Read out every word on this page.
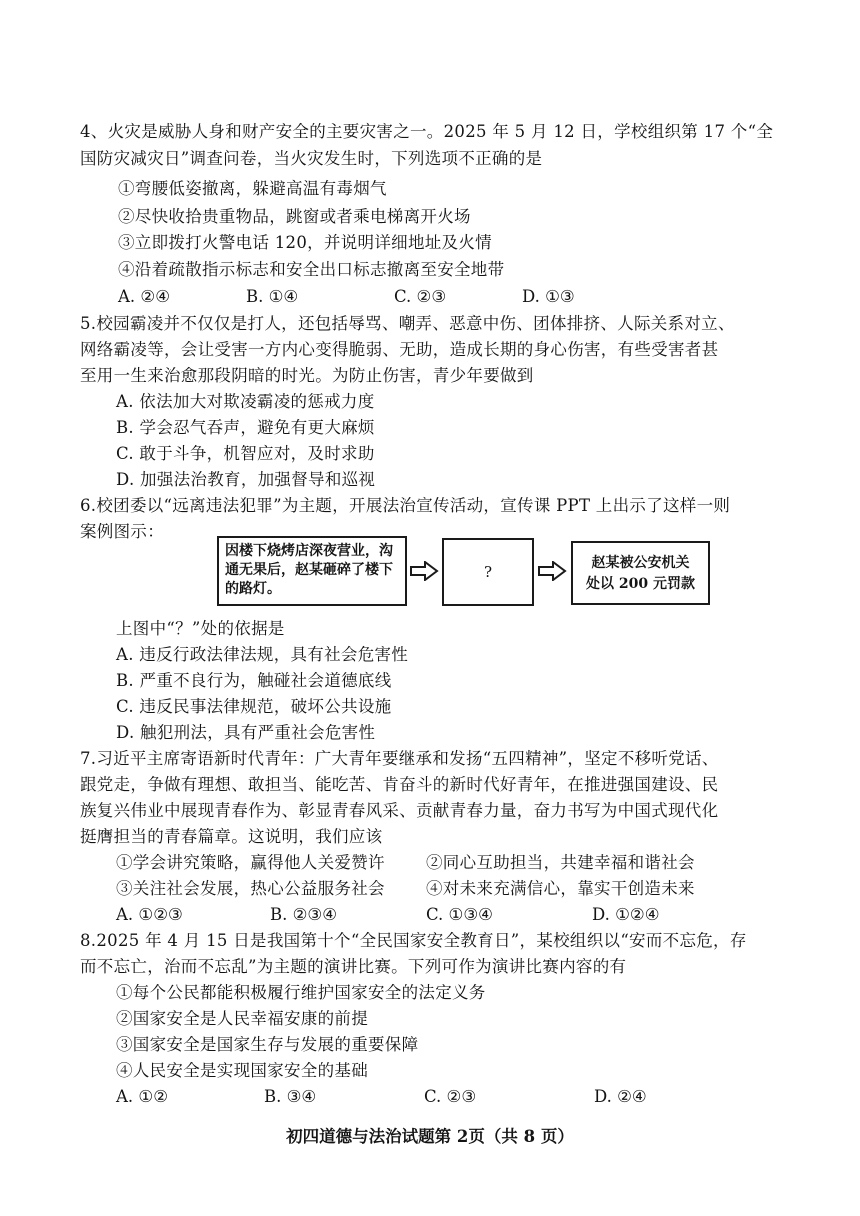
4、火灾是威胁人身和财产安全的主要灾害之一。2025 年 5 月 12 日，学校组织第 17 个“全
国防灾减灾日”调查问卷，当火灾发生时，下列选项不正确的是
①弯腰低姿撤离，躲避高温有毒烟气
②尽快收拾贵重物品，跳窗或者乘电梯离开火场
③立即拨打火警电话 120，并说明详细地址及火情
④沿着疏散指示标志和安全出口标志撤离至安全地带
A. ②④	B. ①④	C. ②③	D. ①③
5.校园霸凌并不仅仅是打人，还包括辱骂、嘲弄、恶意中伤、团体排挤、人际关系对立、
网络霸凌等，会让受害一方内心变得脆弱、无助，造成长期的身心伤害，有些受害者甚
至用一生来治愈那段阴暗的时光。为防止伤害，青少年要做到
A. 依法加大对欺凌霸凌的惩戒力度
B. 学会忍气吞声，避免有更大麻烦
C. 敢于斗争，机智应对，及时求助
D. 加强法治教育，加强督导和巡视
6.校团委以“远离违法犯罪”为主题，开展法治宣传活动，宣传课 PPT 上出示了这样一则
案例图示：
因楼下烧烤店深夜营业，沟通无果后，赵某砸碎了楼下的路灯。
?	赵某被公安机关处以 200 元罚款
上图中“？”处的依据是
A. 违反行政法律法规，具有社会危害性
B. 严重不良行为，触碰社会道德底线
C. 违反民事法律规范，破坏公共设施
D. 触犯刑法，具有严重社会危害性
7.习近平主席寄语新时代青年：广大青年要继承和发扬“五四精神”，坚定不移听党话、
跟党走，争做有理想、敢担当、能吃苦、肯奋斗的新时代好青年，在推进强国建设、民
族复兴伟业中展现青春作为、彰显青春风采、贡献青春力量，奋力书写为中国式现代化
挺膺担当的青春篇章。这说明，我们应该
①学会讲究策略，赢得他人关爱赞许 ②同心互助担当，共建幸福和谐社会
③关注社会发展，热心公益服务社会 ④对未来充满信心，靠实干创造未来
A. ①②③	B. ②③④	C. ①③④	D. ①②④
8.2025 年 4 月 15 日是我国第十个“全民国家安全教育日”，某校组织以“安而不忘危，存
而不忘亡，治而不忘乱”为主题的演讲比赛。下列可作为演讲比赛内容的有
①每个公民都能积极履行维护国家安全的法定义务
②国家安全是人民幸福安康的前提
③国家安全是国家生存与发展的重要保障
④人民安全是实现国家安全的基础
A. ①②	B. ③④	C. ②③	D. ②④
初四道德与法治试题第 2页（共 8 页）
